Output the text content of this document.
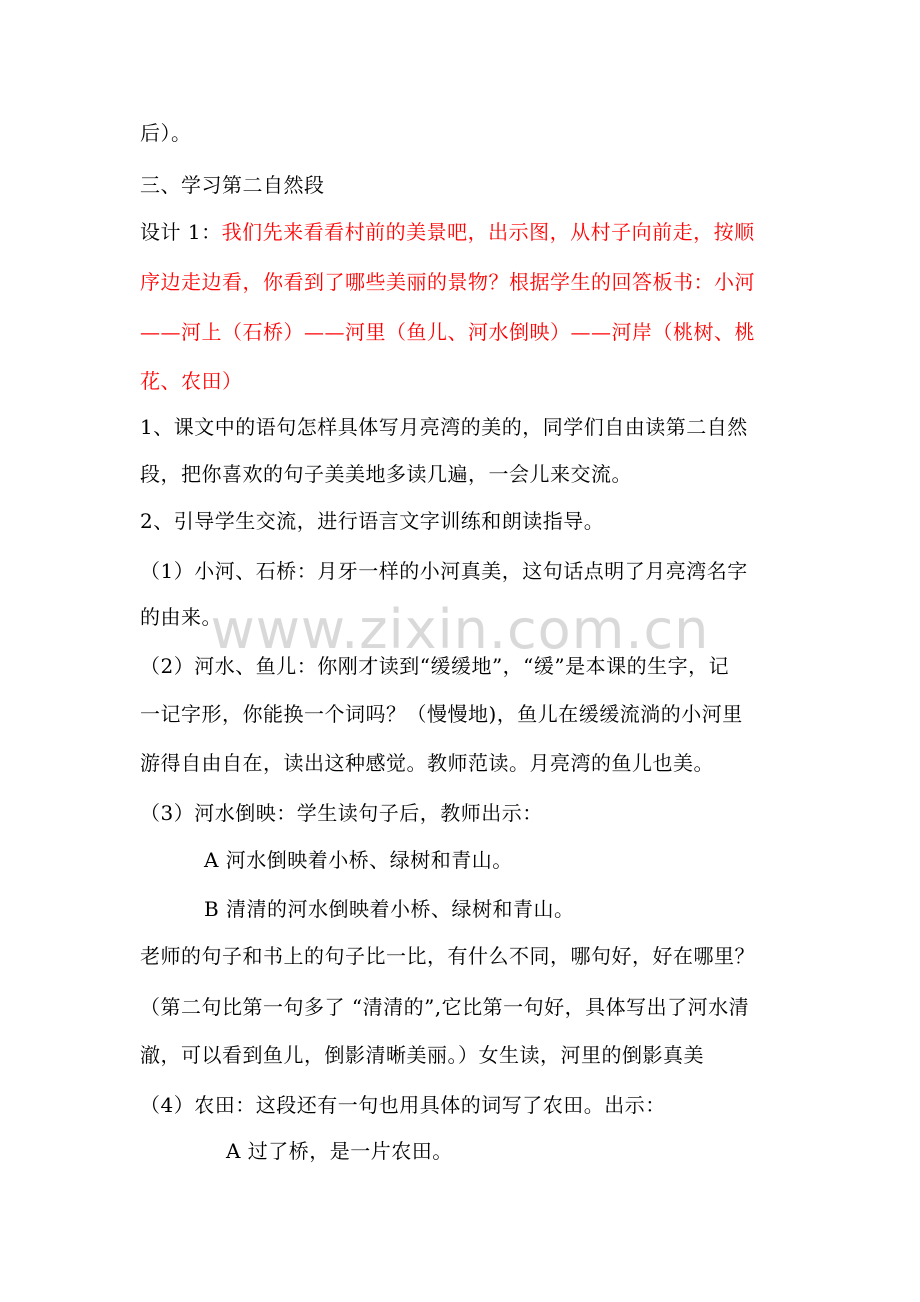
后）。
三、学习第二自然段
设计 1：我们先来看看村前的美景吧，出示图，从村子向前走，按顺
序边走边看，你看到了哪些美丽的景物？根据学生的回答板书：小河
——河上（石桥）——河里（鱼儿、河水倒映）——河岸（桃树、桃
花、农田）
1、课文中的语句怎样具体写月亮湾的美的，同学们自由读第二自然
段，把你喜欢的句子美美地多读几遍，一会儿来交流。
2、引导学生交流，进行语言文字训练和朗读指导。
（1）小河、石桥：月牙一样的小河真美，这句话点明了月亮湾名字
的由来。
（2）河水、鱼儿：你刚才读到“缓缓地”，“缓”是本课的生字，记
一记字形，你能换一个词吗？（慢慢地)，鱼儿在缓缓流淌的小河里
游得自由自在，读出这种感觉。教师范读。月亮湾的鱼儿也美。
（3）河水倒映：学生读句子后，教师出示：
A 河水倒映着小桥、绿树和青山。
B 清清的河水倒映着小桥、绿树和青山。
老师的句子和书上的句子比一比，有什么不同，哪句好，好在哪里？
（第二句比第一句多了 “清清的”,它比第一句好，具体写出了河水清
澈，可以看到鱼儿，倒影清晰美丽。）女生读，河里的倒影真美
（4）农田：这段还有一句也用具体的词写了农田。出示：
A 过了桥，是一片农田。
www.zixin.com.cn
